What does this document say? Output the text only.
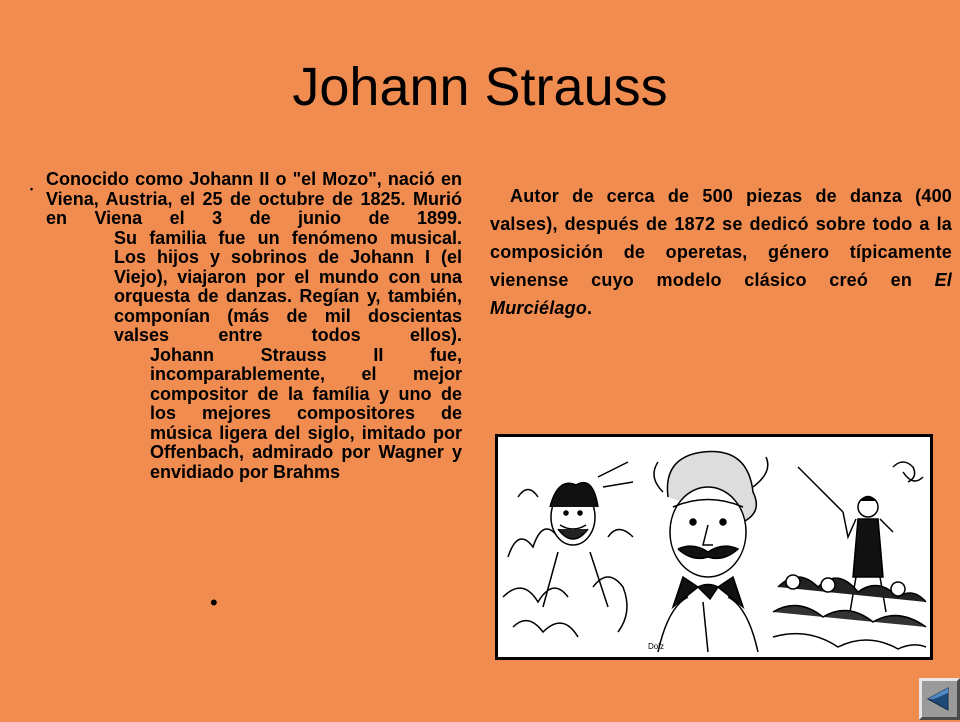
Johann Strauss
• Conocido como Johann II o "el Mozo", nació en Viena, Austria, el 25 de octubre de 1825. Murió en Viena el 3 de junio de 1899.

Su familia fue un fenómeno musical. Los hijos y sobrinos de Johann I (el Viejo), viajaron por el mundo con una orquesta de danzas. Regían y, también, componían (más de mil doscientas valses entre todos ellos).

Johann Strauss II fue, incomparablemente, el mejor compositor de la família y uno de los mejores compositores de música ligera del siglo, imitado por Offenbach, admirado por Wagner y envidiado por Brahms

•
Autor de cerca de 500 piezas de danza (400 valses), después de 1872 se dedicó sobre todo a la composición de operetas, género típicamente vienense cuyo modelo clásico creó en El Murciélago.
Dolz
